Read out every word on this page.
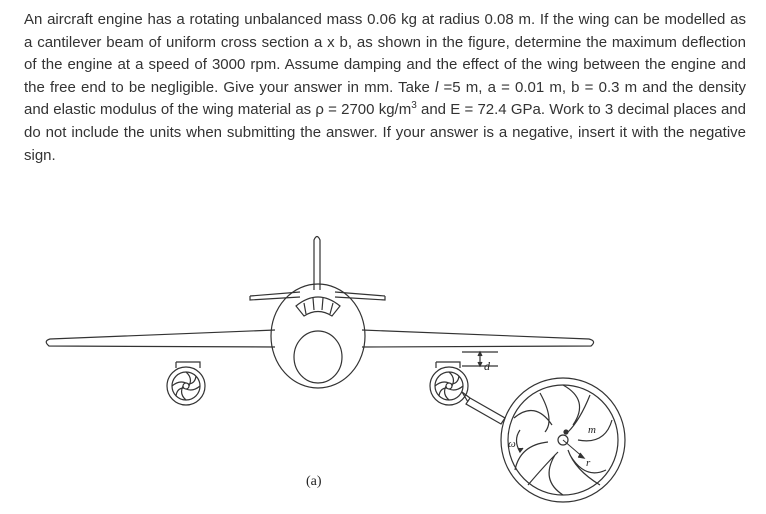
An aircraft engine has a rotating unbalanced mass 0.06 kg at radius 0.08 m. If the wing can be modelled as a cantilever beam of uniform cross section a x b, as shown in the figure, determine the maximum deflection of the engine at a speed of 3000 rpm. Assume damping and the effect of the wing between the engine and the free end to be negligible. Give your answer in mm. Take l =5 m, a = 0.01 m, b = 0.3 m and the density and elastic modulus of the wing material as ρ = 2700 $kg/m^3$ and E = 72.4 GPa. Work to 3 decimal places and do not include the units when submitting the answer. If your answer is a negative, insert it with the negative sign.

d
m
r
ω
(a)
